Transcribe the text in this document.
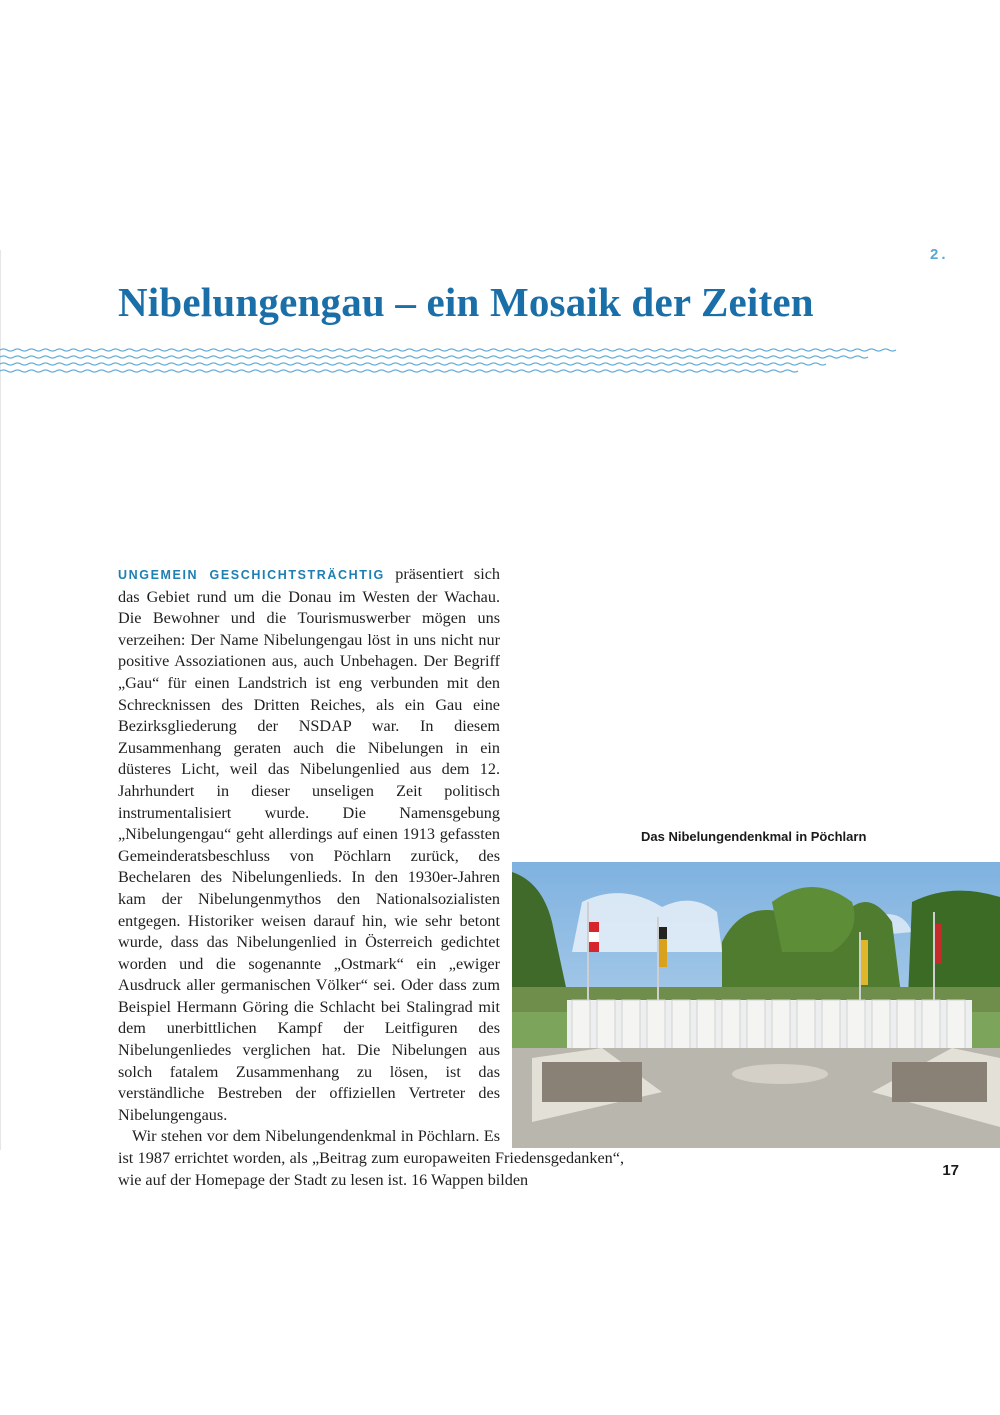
2.
Nibelungengau – ein Mosaik der Zeiten

UNGEMEIN GESCHICHTSTRÄCHTIG präsentiert sich das Gebiet rund um die Donau im Westen der Wachau. Die Bewohner und die Tourismuswerber mögen uns verzeihen: Der Name Nibelungengau löst in uns nicht nur positive Assoziationen aus, auch Unbehagen. Der Begriff „Gau“ für einen Landstrich ist eng verbunden mit den Schrecknissen des Dritten Reiches, als ein Gau eine Bezirksgliederung der NSDAP war. In diesem Zusammenhang geraten auch die Nibelungen in ein düsteres Licht, weil das Nibelungenlied aus dem 12. Jahrhundert in dieser unseligen Zeit politisch instrumentalisiert wurde. Die Namensgebung „Nibelungengau“ geht allerdings auf einen 1913 gefassten Gemeinderatsbeschluss von Pöchlarn zurück, des Bechelaren des Nibelungenlieds. In den 1930er-Jahren kam der Nibelungenmythos den Nationalsozialisten entgegen. Historiker weisen darauf hin, wie sehr betont wurde, dass das Nibelungenlied in Österreich gedichtet worden und die sogenannte „Ostmark“ ein „ewiger Ausdruck aller germanischen Völker“ sei. Oder dass zum Beispiel Hermann Göring die Schlacht bei Stalingrad mit dem unerbittlichen Kampf der Leitfiguren des Nibelungenliedes verglichen hat. Die Nibelungen aus solch fatalem Zusammenhang zu lösen, ist das verständliche Bestreben der offiziellen Vertreter des Nibelungengaus.

Wir stehen vor dem Nibelungendenkmal in Pöchlarn. Es ist 1987 errichtet worden, als „Beitrag zum europaweiten Friedensgedanken“, wie auf der Homepage der Stadt zu lesen ist. 16 Wappen bilden

Das Nibelungendenkmal in Pöchlarn
17
